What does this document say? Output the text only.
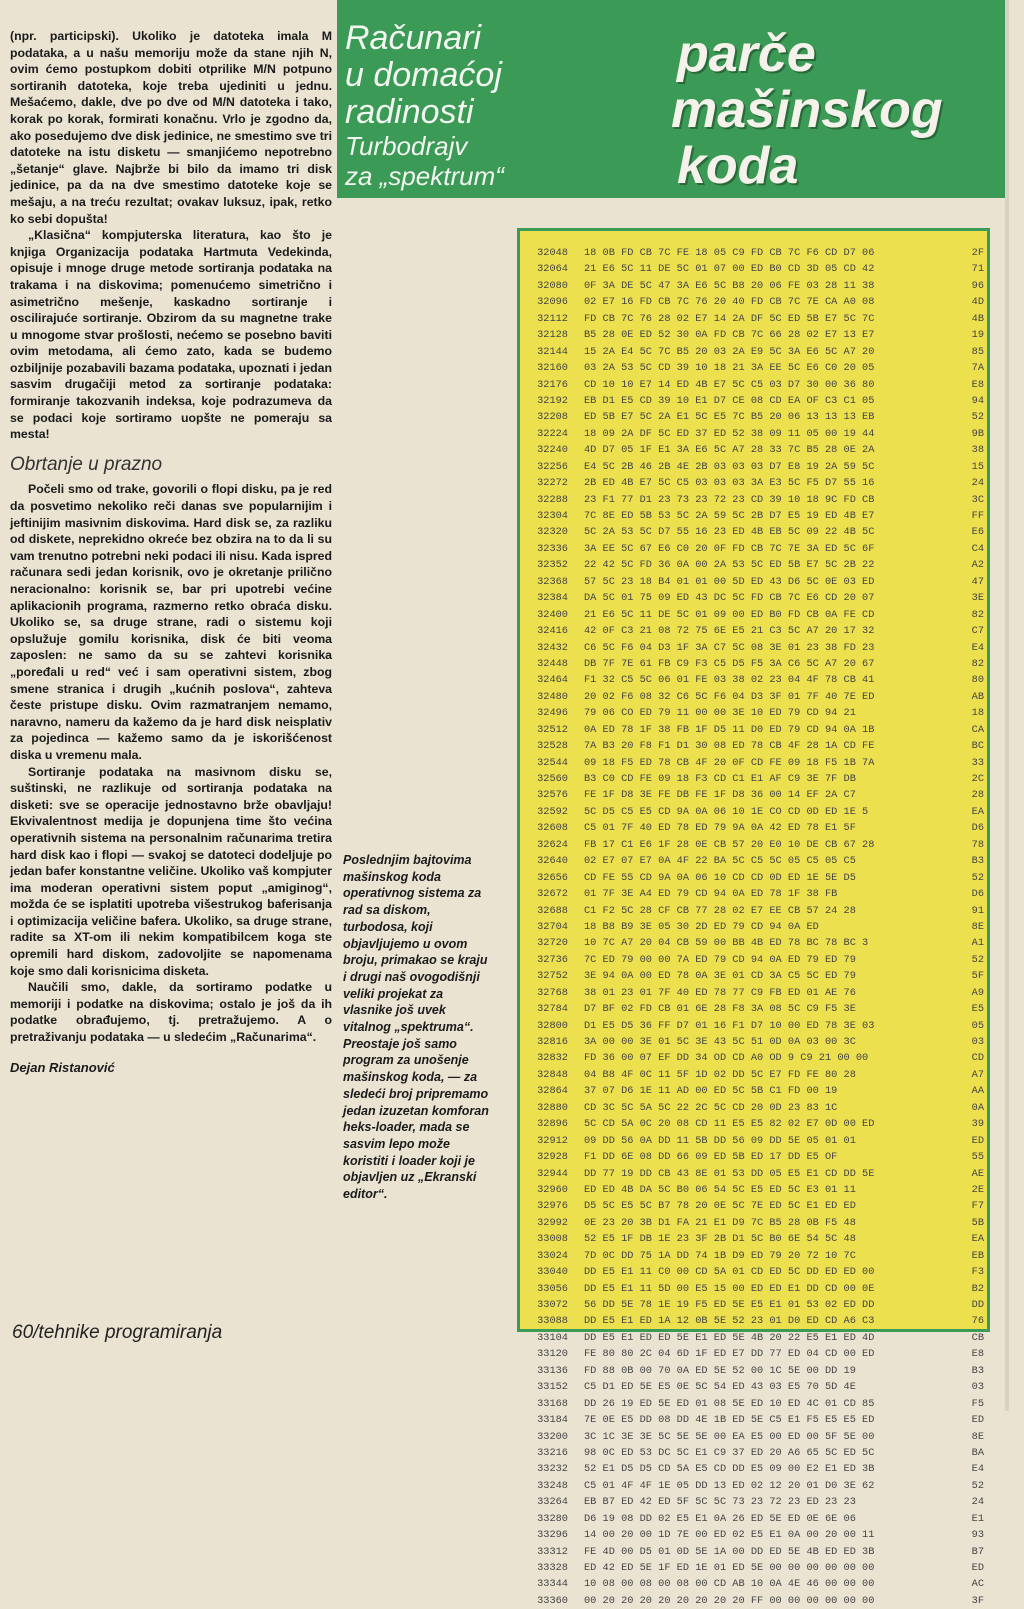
(npr. participski). Ukoliko je datoteka imala M podataka, a u našu memoriju može da stane njih N, ovim ćemo postupkom dobiti otprilike M/N potpuno sortiranih datoteka, koje treba ujediniti u jednu. Mešaćemo, dakle, dve po dve od M/N datoteka i tako, korak po korak, formirati konačnu. Vrlo je zgodno da, ako posedujemo dve disk jedinice, ne smestimo sve tri datoteke na istu disketu — smanjićemo nepotrebno „šetanje“ glave. Najbrže bi bilo da imamo tri disk jedinice, pa da na dve smestimo datoteke koje se mešaju, a na treću rezultat; ovakav luksuz, ipak, retko ko sebi dopušta!

„Klasična“ kompjuterska literatura, kao što je knjiga Organizacija podataka Hartmuta Vedekinda, opisuje i mnoge druge metode sortiranja podataka na trakama i na diskovima; pomenućemo simetrično i asimetrično mešenje, kaskadno sortiranje i oscilirajuće sortiranje. Obzirom da su magnetne trake u mnogome stvar prošlosti, nećemo se posebno baviti ovim metodama, ali ćemo zato, kada se budemo ozbiljnije pozabavili bazama podataka, upoznati i jedan sasvim drugačiji metod za sortiranje podataka: formiranje takozvanih indeksa, koje podrazumeva da se podaci koje sortiramo uopšte ne pomeraju sa mesta!

Obrtanje u prazno

Počeli smo od trake, govorili o flopi disku, pa je red da posvetimo nekoliko reči danas sve popularnijim i jeftinijim masivnim diskovima. Hard disk se, za razliku od diskete, neprekidno okreće bez obzira na to da li su vam trenutno potrebni neki podaci ili nisu. Kada ispred računara sedi jedan korisnik, ovo je okretanje prilično neracionalno: korisnik se, bar pri upotrebi većine aplikacionih programa, razmerno retko obraća disku. Ukoliko se, sa druge strane, radi o sistemu koji opslužuje gomilu korisnika, disk će biti veoma zaposlen: ne samo da su se zahtevi korisnika „poređali u red“ već i sam operativni sistem, zbog smene stranica i drugih „kućnih poslova“, zahteva česte pristupe disku. Ovim razmatranjem nemamo, naravno, nameru da kažemo da je hard disk neisplativ za pojedinca — kažemo samo da je iskorišćenost diska u vremenu mala.

Sortiranje podataka na masivnom disku se, suštinski, ne razlikuje od sortiranja podataka na disketi: sve se operacije jednostavno brže obavljaju! Ekvivalentnost medija je dopunjena time što većina operativnih sistema na personalnim računarima tretira hard disk kao i flopi — svakoj se datoteci dodeljuje po jedan bafer konstantne veličine. Ukoliko vaš kompjuter ima moderan operativni sistem poput „amiginog“, možda će se isplatiti upotreba višestrukog baferisanja i optimizacija veličine bafera. Ukoliko, sa druge strane, radite sa XT-om ili nekim kompatibilcem koga ste opremili hard diskom, zadovoljite se napomenama koje smo dali korisnicima disketa.

Naučili smo, dakle, da sortiramo podatke u memoriji i podatke na diskovima; ostalo je još da ih podatke obrađujemo, tj. pretražujemo. A o pretraživanju podataka — u sledećim „Računarima“.

Dejan Ristanović
60/tehnike programiranja
Računari
u domaćoj
radinosti
Turbodrajv
za „spektrum“
parče
mašinskog
koda
Poslednjim bajtovima mašinskog koda operativnog sistema za rad sa diskom, turbodosa, koji objavljujemo u ovom broju, primakao se kraju i drugi naš ovogodišnji veliki projekat za vlasnike još uvek vitalnog „spektruma“. Preostaje još samo program za unošenje mašinskog koda, — za sledeći broj pripremamo jedan izuzetan komforan heks-loader, mada se sasvim lepo može koristiti i loader koji je objavljen uz „Ekranski editor“.
32048 18 0B FD CB 7C FE 18 05 C9 FD CB 7C F6 CD D7 06	2F
32064 21 E6 5C 11 DE 5C 01 07 00 ED B0 CD 3D 05 CD 42	71
32080 0F 3A DE 5C 47 3A E6 5C B8 20 06 FE 03 28 11 38	96
32096 02 E7 16 FD CB 7C 76 20 40 FD CB 7C 7E CA A0 08	4D
32112 FD CB 7C 76 28 02 E7 14 2A DF 5C ED 5B E7 5C 7C	4B
32128 B5 28 0E ED 52 30 0A FD CB 7C 66 28 02 E7 13 E7	19
32144 15 2A E4 5C 7C B5 20 03 2A E9 5C 3A E6 5C A7 20	85
32160 03 2A 53 5C CD 39 10 18 21 3A EE 5C E6 C0 20 05	7A
32176 CD 10 10 E7 14 ED 4B E7 5C C5 03 D7 30 00 36 80	E8
32192 EB D1 E5 CD 39 10 E1 D7 CE 08 CD EA OF C3 C1 05	94
32208 ED 5B E7 5C 2A E1 5C E5 7C B5 20 06 13 13 13 EB	52
32224 18 09 2A DF 5C ED 37 ED 52 38 09 11 05 00 19 44	9B
32240 4D D7 05 1F E1 3A E6 5C A7 28 33 7C B5 28 0E 2A	38
32256 E4 5C 2B 46 2B 4E 2B 03 03 03 D7 E8 19 2A 59 5C	15
32272 2B ED 4B E7 5C C5 03 03 03 3A E3 5C F5 D7 55 16	24
32288 23 F1 77 D1 23 73 23 72 23 CD 39 10 18 9C FD CB	3C
32304 7C 8E ED 5B 53 5C 2A 59 5C 2B D7 E5 19 ED 4B E7	FF
32320 5C 2A 53 5C D7 55 16 23 ED 4B EB 5C 09 22 4B 5C	E6
32336 3A EE 5C 67 E6 C0 20 0F FD CB 7C 7E 3A ED 5C 6F	C4
32352 22 42 5C FD 36 0A 00 2A 53 5C ED 5B E7 5C 2B 22	A2
32368 57 5C 23 18 B4 01 01 00 5D ED 43 D6 5C 0E 03 ED	47
32384 DA 5C 01 75 09 ED 43 DC 5C FD CB 7C E6 CD 20 07	3E
32400 21 E6 5C 11 DE 5C 01 09 00 ED B0 FD CB 0A FE CD	82
32416 42 0F C3 21 08 72 75 6E E5 21 C3 5C A7 20 17 32	C7
32432 C6 5C F6 04 D3 1F 3A C7 5C 08 3E 01 23 38 FD 23	E4
32448 DB 7F 7E 61 FB C9 F3 C5 D5 F5 3A C6 5C A7 20 67	82
32464 F1 32 C5 5C 06 01 FE 03 38 02 23 04 4F 78 CB 41	80
32480 20 02 F6 08 32 C6 5C F6 04 D3 3F 01 7F 40 7E ED	AB
32496 79 06 CO ED 79 11 00 00 3E 10 ED 79 CD 94 21	18
32512 0A ED 78 1F 38 FB 1F D5 11 D0 ED 79 CD 94 0A 1B	CA
32528 7A B3 20 F8 F1 D1 30 08 ED 78 CB 4F 28 1A CD FE	BC
32544 09 18 F5 ED 78 CB 4F 20 0F CD FE 09 18 F5 1B 7A	33
32560 B3 C0 CD FE 09 18 F3 CD C1 E1 AF C9 3E 7F DB	2C
32576 FE 1F D8 3E FE DB FE 1F D8 36 00 14 EF 2A C7	28
32592 5C D5 C5 E5 CD 9A 0A 06 10 1E CO CD 0D ED 1E 5	EA
32608 C5 01 7F 40 ED 78 ED 79 9A 0A 42 ED 78 E1 5F	D6
32624 FB 17 C1 E6 1F 28 0E CB 57 20 E0 10 DE CB 67 28	78
32640 02 E7 07 E7 0A 4F 22 BA 5C C5 5C 05 C5 05 C5	B3
32656 CD FE 55 CD 9A 0A 06 10 CD CD 0D ED 1E 5E D5	52
32672 01 7F 3E A4 ED 79 CD 94 0A ED 78 1F 38 FB	D6
32688 C1 F2 5C 28 CF CB 77 28 02 E7 EE CB 57 24 28	91
32704 18 B8 B9 3E 05 30 2D ED 79 CD 94 0A ED	8E
32720 10 7C A7 20 04 CB 59 00 BB 4B ED 78 BC 78 BC 3	A1
32736 7C ED 79 00 00 7A ED 79 CD 94 0A ED 79 ED 79	52
32752 3E 94 0A 00 ED 78 0A 3E 01 CD 3A C5 5C ED 79	5F
32768 38 01 23 01 7F 40 ED 78 77 C9 FB ED 01 AE 76	A9
32784 D7 BF 02 FD CB 01 6E 28 F8 3A 08 5C C9 F5 3E	E5
32800 D1 E5 D5 36 FF D7 01 16 F1 D7 10 00 ED 78 3E 03	05
32816 3A 00 00 3E 01 5C 3E 43 5C 51 0D 0A 03 00 3C	03
32832 FD 36 00 07 EF DD 34 OD CD A0 OD 9 C9 21 00 00	CD
32848 04 B8 4F 0C 11 5F 1D 02 DD 5C E7 FD FE 80 28	A7
32864 37 07 D6 1E 11 AD 00 ED 5C 5B C1 FD 00 19	AA
32880 CD 3C 5C 5A 5C 22 2C 5C CD 20 0D 23 83 1C	0A
32896 5C CD 5A 0C 20 08 CD 11 E5 E5 82 02 E7 0D 00 ED	39
32912 09 DD 56 0A DD 11 5B DD 56 09 DD 5E 05 01 01	ED
32928 F1 DD 6E 08 DD 66 09 ED 5B ED 17 DD E5 OF	55
32944 DD 77 19 DD CB 43 8E 01 53 DD 05 E5 E1 CD DD 5E	AE
32960 ED ED 4B DA 5C B0 06 54 5C E5 ED 5C E3 01 11	2E
32976 D5 5C E5 5C B7 78 20 0E 5C 7E ED 5C E1 ED ED	F7
32992 0E 23 20 3B D1 FA 21 E1 D9 7C B5 28 0B F5 48	5B
33008 52 E5 1F DB 1E 23 3F 2B D1 5C B0 6E 54 5C 48	EA
33024 7D 0C DD 75 1A DD 74 1B D9 ED 79 20 72 10 7C	EB
33040 DD E5 E1 11 C0 00 CD 5A 01 CD ED 5C DD ED ED 00	F3
33056 DD E5 E1 11 5D 00 E5 15 00 ED ED E1 DD CD 00 0E	B2
33072 56 DD 5E 78 1E 19 F5 ED 5E E5 E1 01 53 02 ED DD	DD
33088 DD E5 E1 ED 1A 12 0B 5E 52 23 01 D0 ED CD A6 C3	76
33104 DD E5 E1 ED ED 5E E1 ED 5E 4B 20 22 E5 E1 ED 4D	CB
33120 FE 80 80 2C 04 6D 1F ED E7 DD 77 ED 04 CD 00 ED	E8
33136 FD 88 0B 00 70 0A ED 5E 52 00 1C 5E 00 DD 19	B3
33152 C5 D1 ED 5E E5 0E 5C 54 ED 43 03 E5 70 5D 4E	03
33168 DD 26 19 ED 5E ED 01 08 5E ED 10 ED 4C 01 CD 85	F5
33184 7E 0E E5 DD 08 DD 4E 1B ED 5E C5 E1 F5 E5 E5 ED	ED
33200 3C 1C 3E 3E 5C 5E 5E 00 EA E5 00 ED 00 5F 5E 00	8E
33216 98 0C ED 53 DC 5C E1 C9 37 ED 20 A6 65 5C ED 5C	BA
33232 52 E1 D5 D5 CD 5A E5 CD DD E5 09 00 E2 E1 ED 3B	E4
33248 C5 01 4F 4F 1E 05 DD 13 ED 02 12 20 01 D0 3E 62	52
33264 EB B7 ED 42 ED 5F 5C 5C 73 23 72 23 ED 23 23	24
33280 D6 19 08 DD 02 E5 E1 0A 26 ED 5E ED 0E 6E 06	E1
33296 14 00 20 00 1D 7E 00 ED 02 E5 E1 0A 00 20 00 11	93
33312 FE 4D 00 D5 01 0D 5E 1A 00 DD ED 5E 4B ED ED 3B	B7
33328 ED 42 ED 5E 1F ED 1E 01 ED 5E 00 00 00 00 00 00	ED
33344 10 08 00 08 00 08 00 CD AB 10 0A 4E 46 00 00 00	AC
33360 00 20 20 20 20 20 20 20 20 FF 00 00 00 00 00 00	3F
